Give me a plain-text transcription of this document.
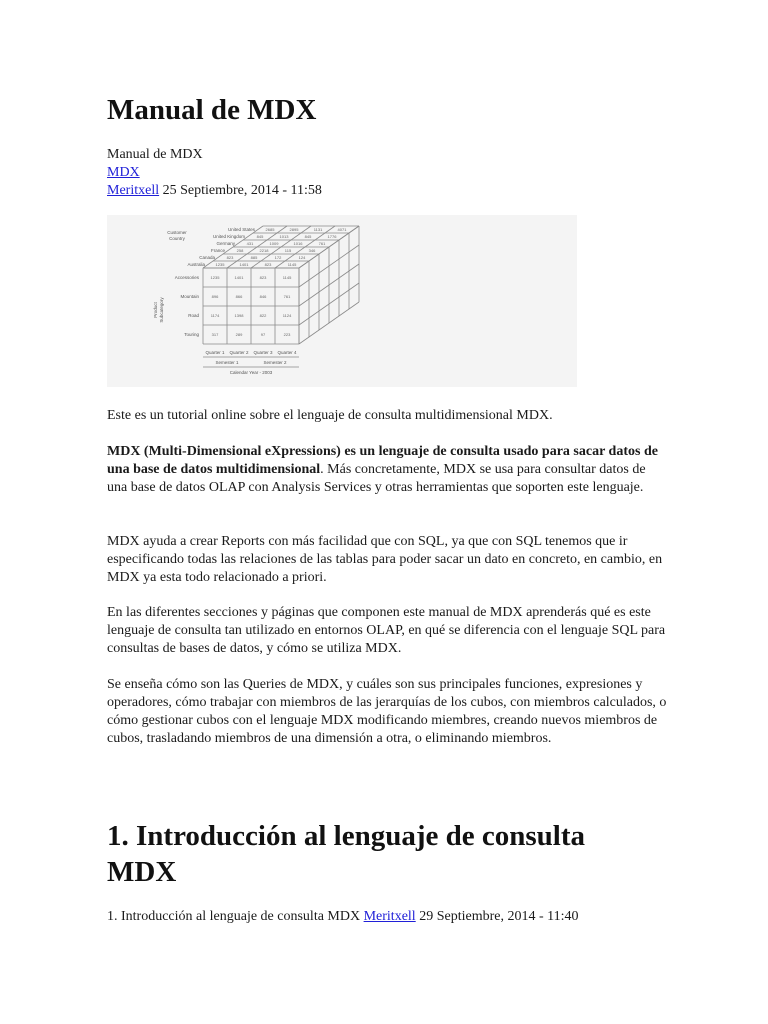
Manual de MDX
Manual de MDX
MDX
Meritxell 25 Septiembre, 2014 - 11:58
1235	1401	823	1145
896	866	846	761
1174	1398	822	1124
317	289	97	223
2685	2895	1131	4071
845	1013	845	1776
431	1009	1016	761
258	2218	115	346
823	885	172	124
1235	1401	823	1145
United States
United Kingdom
Germany
France
Canada
Australia
Customer
Country
Accessories
Mountain
Road
Touring
Product Subcategory
Quarter 1 Quarter 2 Quarter 3 Quarter 4
Semester 1	Semester 2
Calendar Year - 2003

Este es un tutorial online sobre el lenguaje de consulta multidimensional MDX.

MDX (Multi-Dimensional eXpressions) es un lenguaje de consulta usado para sacar datos de una base de datos multidimensional. Más concretamente, MDX se usa para consultar datos de una base de datos OLAP con Analysis Services y otras herramientas que soporten este lenguaje.

MDX ayuda a crear Reports con más facilidad que con SQL, ya que con SQL tenemos que ir especificando todas las relaciones de las tablas para poder sacar un dato en concreto, en cambio, en MDX ya esta todo relacionado a priori.

En las diferentes secciones y páginas que componen este manual de MDX aprenderás qué es este lenguaje de consulta tan utilizado en entornos OLAP, en qué se diferencia con el lenguaje SQL para consultas de bases de datos, y cómo se utiliza MDX.

Se enseña cómo son las Queries de MDX, y cuáles son sus principales funciones, expresiones y operadores, cómo trabajar con miembros de las jerarquías de los cubos, con miembros calculados, o cómo gestionar cubos con el lenguaje MDX modificando miembres, creando nuevos miembros de cubos, trasladando miembros de una dimensión a otra, o eliminando miembros.

1. Introducción al lenguaje de consulta MDX
1. Introducción al lenguaje de consulta MDX Meritxell 29 Septiembre, 2014 - 11:40
